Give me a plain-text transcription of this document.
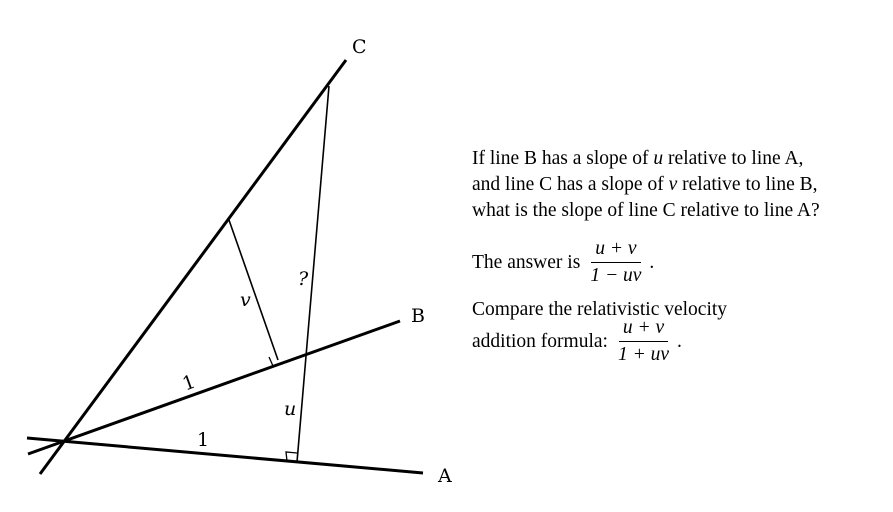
C
B
A
v
?
1
1
u
If line B has a slope of u relative to line A,
and line C has a slope of v relative to line B,
what is the slope of line C relative to line A?
The answer is $\frac{u + v}{1 - uv}$ .
Compare the relativistic velocity
addition formula: $\frac{u + v}{1 + uv}$ .
